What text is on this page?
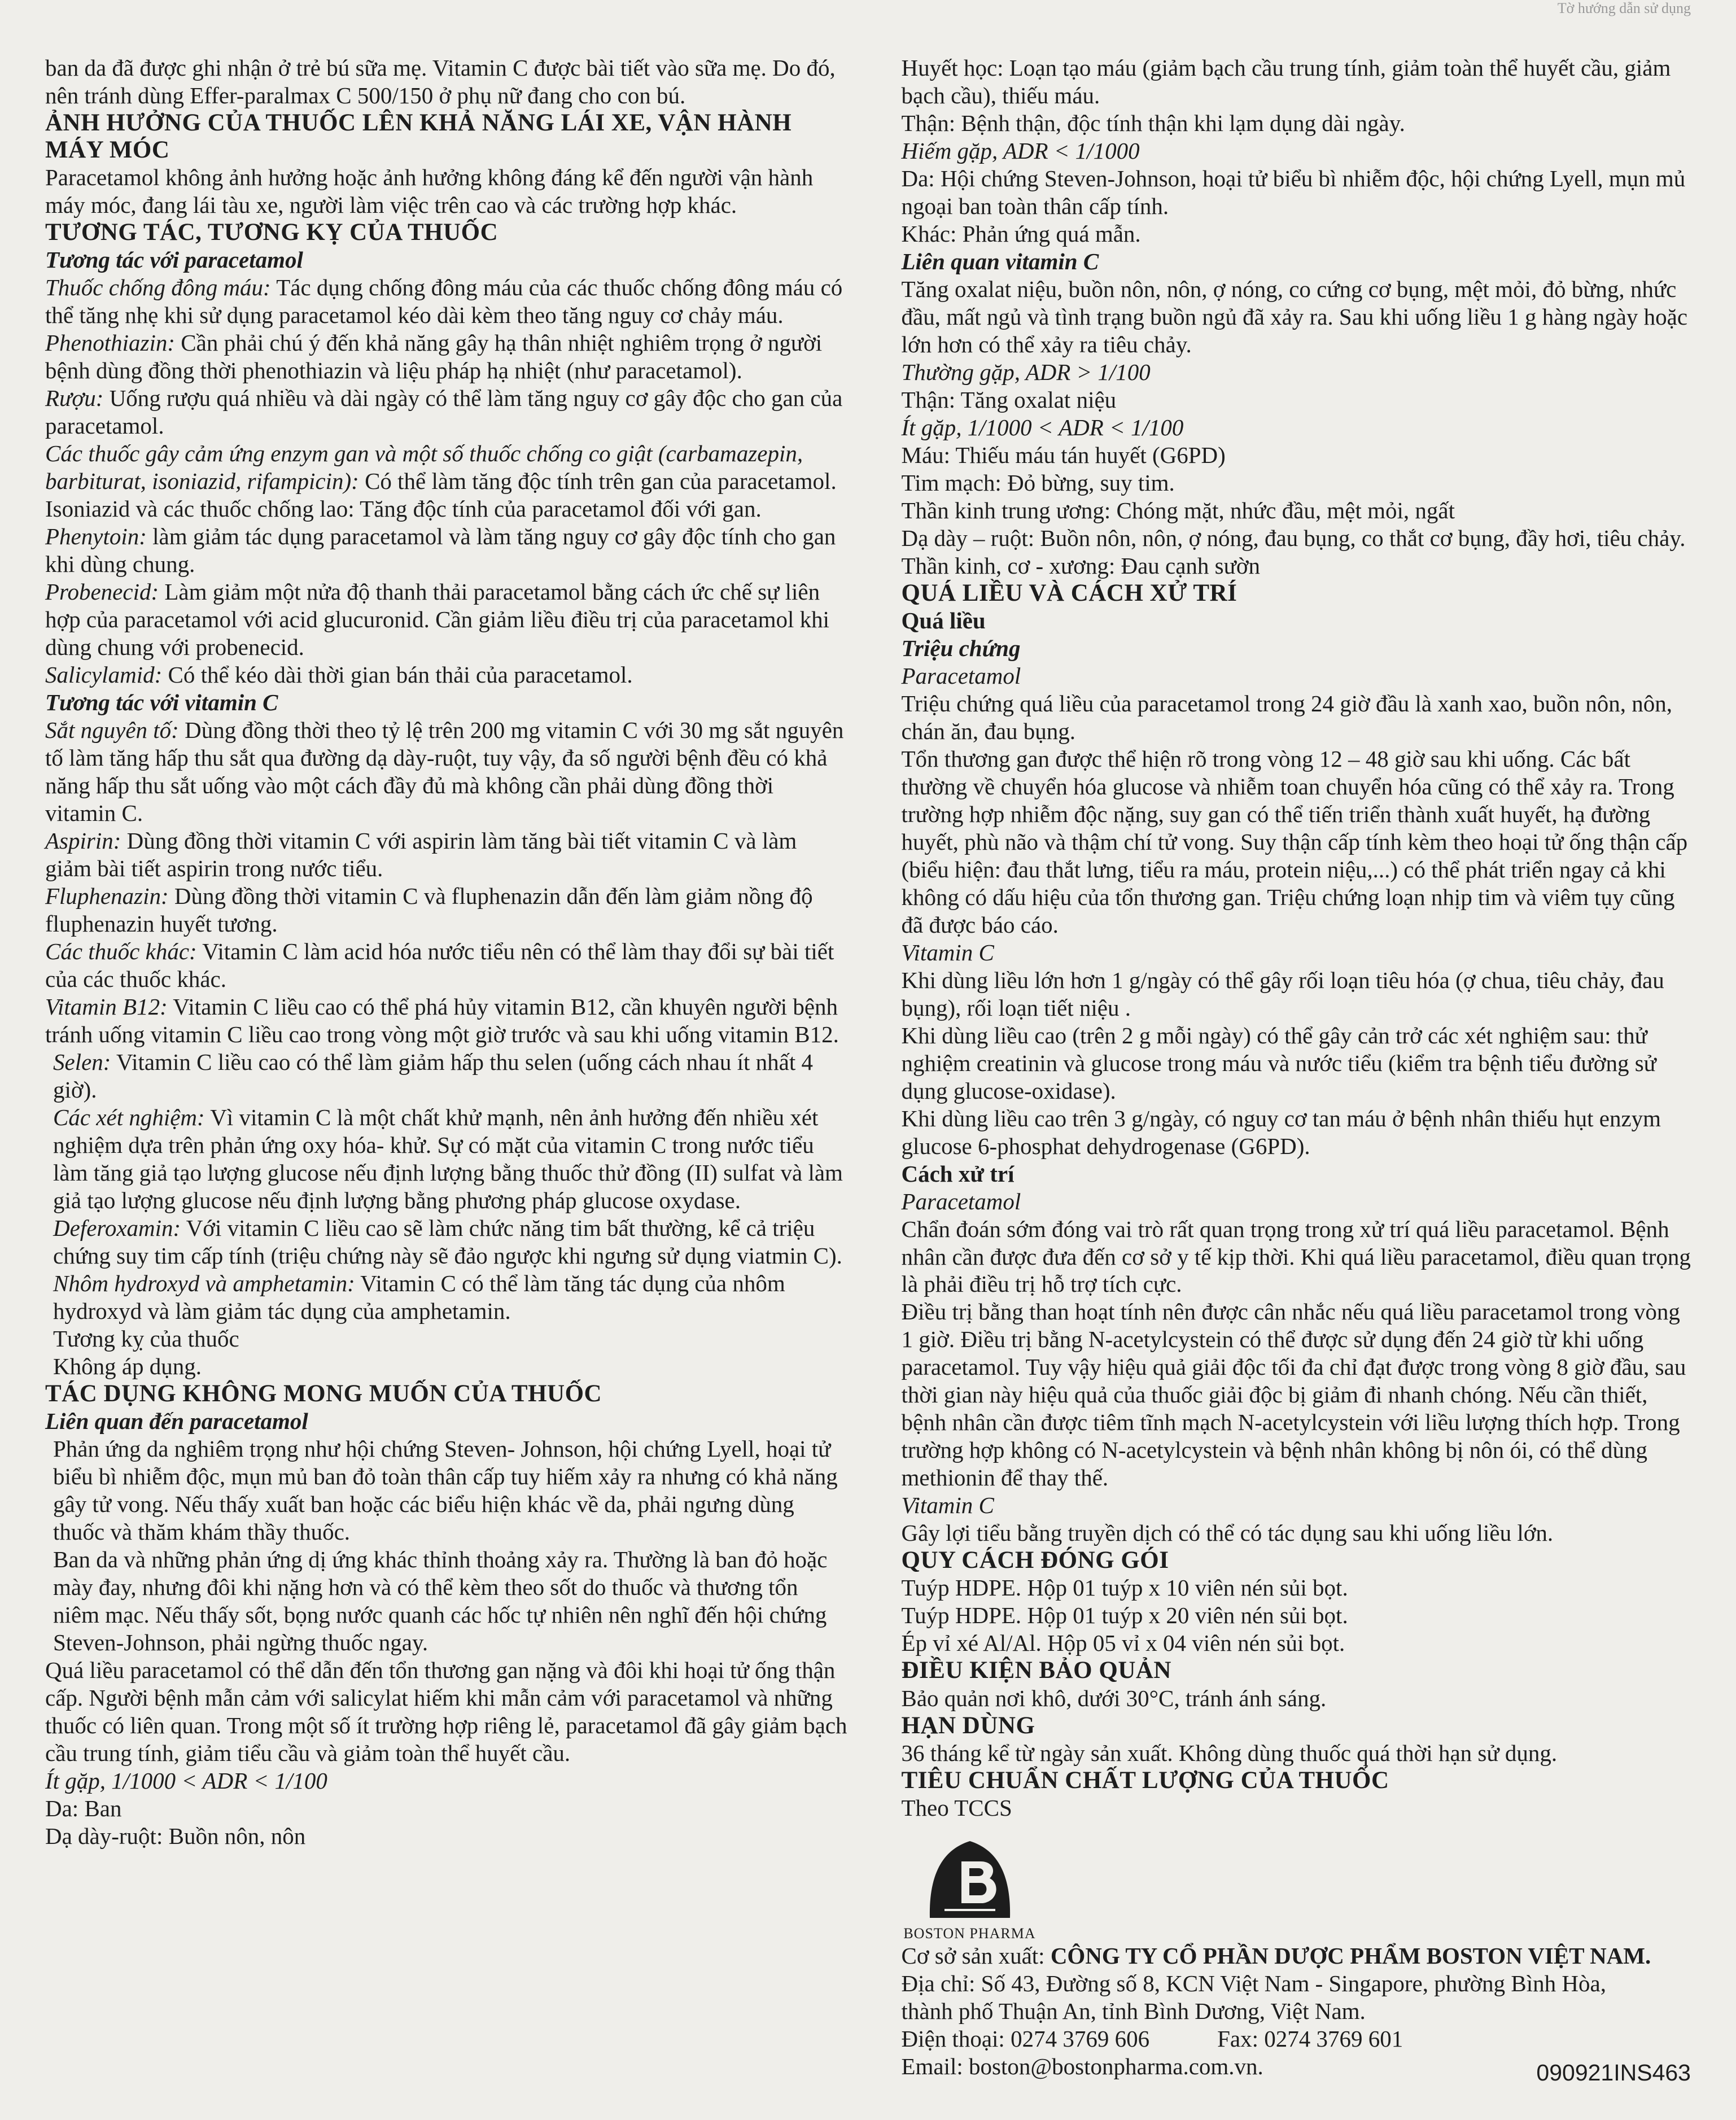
Tờ hướng dẫn sử dụng

ban da đã được ghi nhận ở trẻ bú sữa mẹ. Vitamin C được bài tiết vào sữa mẹ. Do đó, nên tránh dùng Effer-paralmax C 500/150 ở phụ nữ đang cho con bú.

ẢNH HƯỞNG CỦA THUỐC LÊN KHẢ NĂNG LÁI XE, VẬN HÀNH MÁY MÓC

Paracetamol không ảnh hưởng hoặc ảnh hưởng không đáng kể đến người vận hành máy móc, đang lái tàu xe, người làm việc trên cao và các trường hợp khác.

TƯƠNG TÁC, TƯƠNG KỴ CỦA THUỐC

Tương tác với paracetamol

Thuốc chống đông máu: Tác dụng chống đông máu của các thuốc chống đông máu có thể tăng nhẹ khi sử dụng paracetamol kéo dài kèm theo tăng nguy cơ chảy máu.

Phenothiazin: Cần phải chú ý đến khả năng gây hạ thân nhiệt nghiêm trọng ở người bệnh dùng đồng thời phenothiazin và liệu pháp hạ nhiệt (như paracetamol).

Rượu: Uống rượu quá nhiều và dài ngày có thể làm tăng nguy cơ gây độc cho gan của paracetamol.

Các thuốc gây cảm ứng enzym gan và một số thuốc chống co giật (carbamazepin, barbiturat, isoniazid, rifampicin): Có thể làm tăng độc tính trên gan của paracetamol.

Isoniazid và các thuốc chống lao: Tăng độc tính của paracetamol đối với gan.

Phenytoin: làm giảm tác dụng paracetamol và làm tăng nguy cơ gây độc tính cho gan khi dùng chung.

Probenecid: Làm giảm một nửa độ thanh thải paracetamol bằng cách ức chế sự liên hợp của paracetamol với acid glucuronid. Cần giảm liều điều trị của paracetamol khi dùng chung với probenecid.

Salicylamid: Có thể kéo dài thời gian bán thải của paracetamol.

Tương tác với vitamin C

Sắt nguyên tố: Dùng đồng thời theo tỷ lệ trên 200 mg vitamin C với 30 mg sắt nguyên tố làm tăng hấp thu sắt qua đường dạ dày-ruột, tuy vậy, đa số người bệnh đều có khả năng hấp thu sắt uống vào một cách đầy đủ mà không cần phải dùng đồng thời vitamin C.

Aspirin: Dùng đồng thời vitamin C với aspirin làm tăng bài tiết vitamin C và làm giảm bài tiết aspirin trong nước tiểu.

Fluphenazin: Dùng đồng thời vitamin C và fluphenazin dẫn đến làm giảm nồng độ fluphenazin huyết tương.

Các thuốc khác: Vitamin C làm acid hóa nước tiểu nên có thể làm thay đổi sự bài tiết của các thuốc khác.

Vitamin B12: Vitamin C liều cao có thể phá hủy vitamin B12, cần khuyên người bệnh tránh uống vitamin C liều cao trong vòng một giờ trước và sau khi uống vitamin B12.

Selen: Vitamin C liều cao có thể làm giảm hấp thu selen (uống cách nhau ít nhất 4 giờ).

Các xét nghiệm: Vì vitamin C là một chất khử mạnh, nên ảnh hưởng đến nhiều xét nghiệm dựa trên phản ứng oxy hóa- khử. Sự có mặt của vitamin C trong nước tiểu làm tăng giả tạo lượng glucose nếu định lượng bằng thuốc thử đồng (II) sulfat và làm giả tạo lượng glucose nếu định lượng bằng phương pháp glucose oxydase.

Deferoxamin: Với vitamin C liều cao sẽ làm chức năng tim bất thường, kể cả triệu chứng suy tim cấp tính (triệu chứng này sẽ đảo ngược khi ngưng sử dụng viatmin C).

Nhôm hydroxyd và amphetamin: Vitamin C có thể làm tăng tác dụng của nhôm hydroxyd và làm giảm tác dụng của amphetamin.

Tương kỵ của thuốc

Không áp dụng.

TÁC DỤNG KHÔNG MONG MUỐN CỦA THUỐC

Liên quan đến paracetamol

Phản ứng da nghiêm trọng như hội chứng Steven- Johnson, hội chứng Lyell, hoại tử biểu bì nhiễm độc, mụn mủ ban đỏ toàn thân cấp tuy hiếm xảy ra nhưng có khả năng gây tử vong. Nếu thấy xuất ban hoặc các biểu hiện khác về da, phải ngưng dùng thuốc và thăm khám thầy thuốc.

Ban da và những phản ứng dị ứng khác thỉnh thoảng xảy ra. Thường là ban đỏ hoặc mày đay, nhưng đôi khi nặng hơn và có thể kèm theo sốt do thuốc và thương tổn niêm mạc. Nếu thấy sốt, bọng nước quanh các hốc tự nhiên nên nghĩ đến hội chứng Steven-Johnson, phải ngừng thuốc ngay.

Quá liều paracetamol có thể dẫn đến tổn thương gan nặng và đôi khi hoại tử ống thận cấp. Người bệnh mẫn cảm với salicylat hiếm khi mẫn cảm với paracetamol và những thuốc có liên quan. Trong một số ít trường hợp riêng lẻ, paracetamol đã gây giảm bạch cầu trung tính, giảm tiểu cầu và giảm toàn thể huyết cầu.

Ít gặp, 1/1000 < ADR < 1/100

Da: Ban

Dạ dày-ruột: Buồn nôn, nôn

Huyết học: Loạn tạo máu (giảm bạch cầu trung tính, giảm toàn thể huyết cầu, giảm bạch cầu), thiếu máu.

Thận: Bệnh thận, độc tính thận khi lạm dụng dài ngày.

Hiếm gặp, ADR < 1/1000

Da: Hội chứng Steven-Johnson, hoại tử biểu bì nhiễm độc, hội chứng Lyell, mụn mủ ngoại ban toàn thân cấp tính.

Khác: Phản ứng quá mẫn.

Liên quan vitamin C

Tăng oxalat niệu, buồn nôn, nôn, ợ nóng, co cứng cơ bụng, mệt mỏi, đỏ bừng, nhức đầu, mất ngủ và tình trạng buồn ngủ đã xảy ra. Sau khi uống liều 1 g hàng ngày hoặc lớn hơn có thể xảy ra tiêu chảy.

Thường gặp, ADR > 1/100

Thận: Tăng oxalat niệu

Ít gặp, 1/1000 < ADR < 1/100

Máu: Thiếu máu tán huyết (G6PD)

Tim mạch: Đỏ bừng, suy tim.

Thần kinh trung ương: Chóng mặt, nhức đầu, mệt mỏi, ngất

Dạ dày – ruột: Buồn nôn, nôn, ợ nóng, đau bụng, co thắt cơ bụng, đầy hơi, tiêu chảy.

Thần kinh, cơ - xương: Đau cạnh sườn

QUÁ LIỀU VÀ CÁCH XỬ TRÍ

Quá liều

Triệu chứng

Paracetamol

Triệu chứng quá liều của paracetamol trong 24 giờ đầu là xanh xao, buồn nôn, nôn, chán ăn, đau bụng.

Tổn thương gan được thể hiện rõ trong vòng 12 – 48 giờ sau khi uống. Các bất thường về chuyển hóa glucose và nhiễm toan chuyển hóa cũng có thể xảy ra. Trong trường hợp nhiễm độc nặng, suy gan có thể tiến triển thành xuất huyết, hạ đường huyết, phù não và thậm chí tử vong. Suy thận cấp tính kèm theo hoại tử ống thận cấp (biểu hiện: đau thắt lưng, tiểu ra máu, protein niệu,...) có thể phát triển ngay cả khi không có dấu hiệu của tổn thương gan. Triệu chứng loạn nhịp tim và viêm tụy cũng đã được báo cáo.

Vitamin C

Khi dùng liều lớn hơn 1 g/ngày có thể gây rối loạn tiêu hóa (ợ chua, tiêu chảy, đau bụng), rối loạn tiết niệu .

Khi dùng liều cao (trên 2 g mỗi ngày) có thể gây cản trở các xét nghiệm sau: thử nghiệm creatinin và glucose trong máu và nước tiểu (kiểm tra bệnh tiểu đường sử dụng glucose-oxidase).

Khi dùng liều cao trên 3 g/ngày, có nguy cơ tan máu ở bệnh nhân thiếu hụt enzym glucose 6-phosphat dehydrogenase (G6PD).

Cách xử trí

Paracetamol

Chẩn đoán sớm đóng vai trò rất quan trọng trong xử trí quá liều paracetamol. Bệnh nhân cần được đưa đến cơ sở y tế kịp thời. Khi quá liều paracetamol, điều quan trọng là phải điều trị hỗ trợ tích cực.

Điều trị bằng than hoạt tính nên được cân nhắc nếu quá liều paracetamol trong vòng 1 giờ. Điều trị bằng N-acetylcystein có thể được sử dụng đến 24 giờ từ khi uống paracetamol. Tuy vậy hiệu quả giải độc tối đa chỉ đạt được trong vòng 8 giờ đầu, sau thời gian này hiệu quả của thuốc giải độc bị giảm đi nhanh chóng. Nếu cần thiết, bệnh nhân cần được tiêm tĩnh mạch N-acetylcystein với liều lượng thích hợp. Trong trường hợp không có N-acetylcystein và bệnh nhân không bị nôn ói, có thể dùng methionin để thay thế.

Vitamin C

Gây lợi tiểu bằng truyền dịch có thể có tác dụng sau khi uống liều lớn.

QUY CÁCH ĐÓNG GÓI

Tuýp HDPE. Hộp 01 tuýp x 10 viên nén sủi bọt.

Tuýp HDPE. Hộp 01 tuýp x 20 viên nén sủi bọt.

Ép vỉ xé Al/Al. Hộp 05 vỉ x 04 viên nén sủi bọt.

ĐIỀU KIỆN BẢO QUẢN

Bảo quản nơi khô, dưới 30°C, tránh ánh sáng.

HẠN DÙNG

36 tháng kể từ ngày sản xuất. Không dùng thuốc quá thời hạn sử dụng.

TIÊU CHUẨN CHẤT LƯỢNG CỦA THUỐC

Theo TCCS

BOSTON PHARMA

Cơ sở sản xuất: CÔNG TY CỔ PHẦN DƯỢC PHẨM BOSTON VIỆT NAM.

Địa chỉ: Số 43, Đường số 8, KCN Việt Nam - Singapore, phường Bình Hòa,

thành phố Thuận An, tỉnh Bình Dương, Việt Nam.

Điện thoại: 0274 3769 606	Fax: 0274 3769 601

Email: boston@bostonpharma.com.vn.	090921INS463
